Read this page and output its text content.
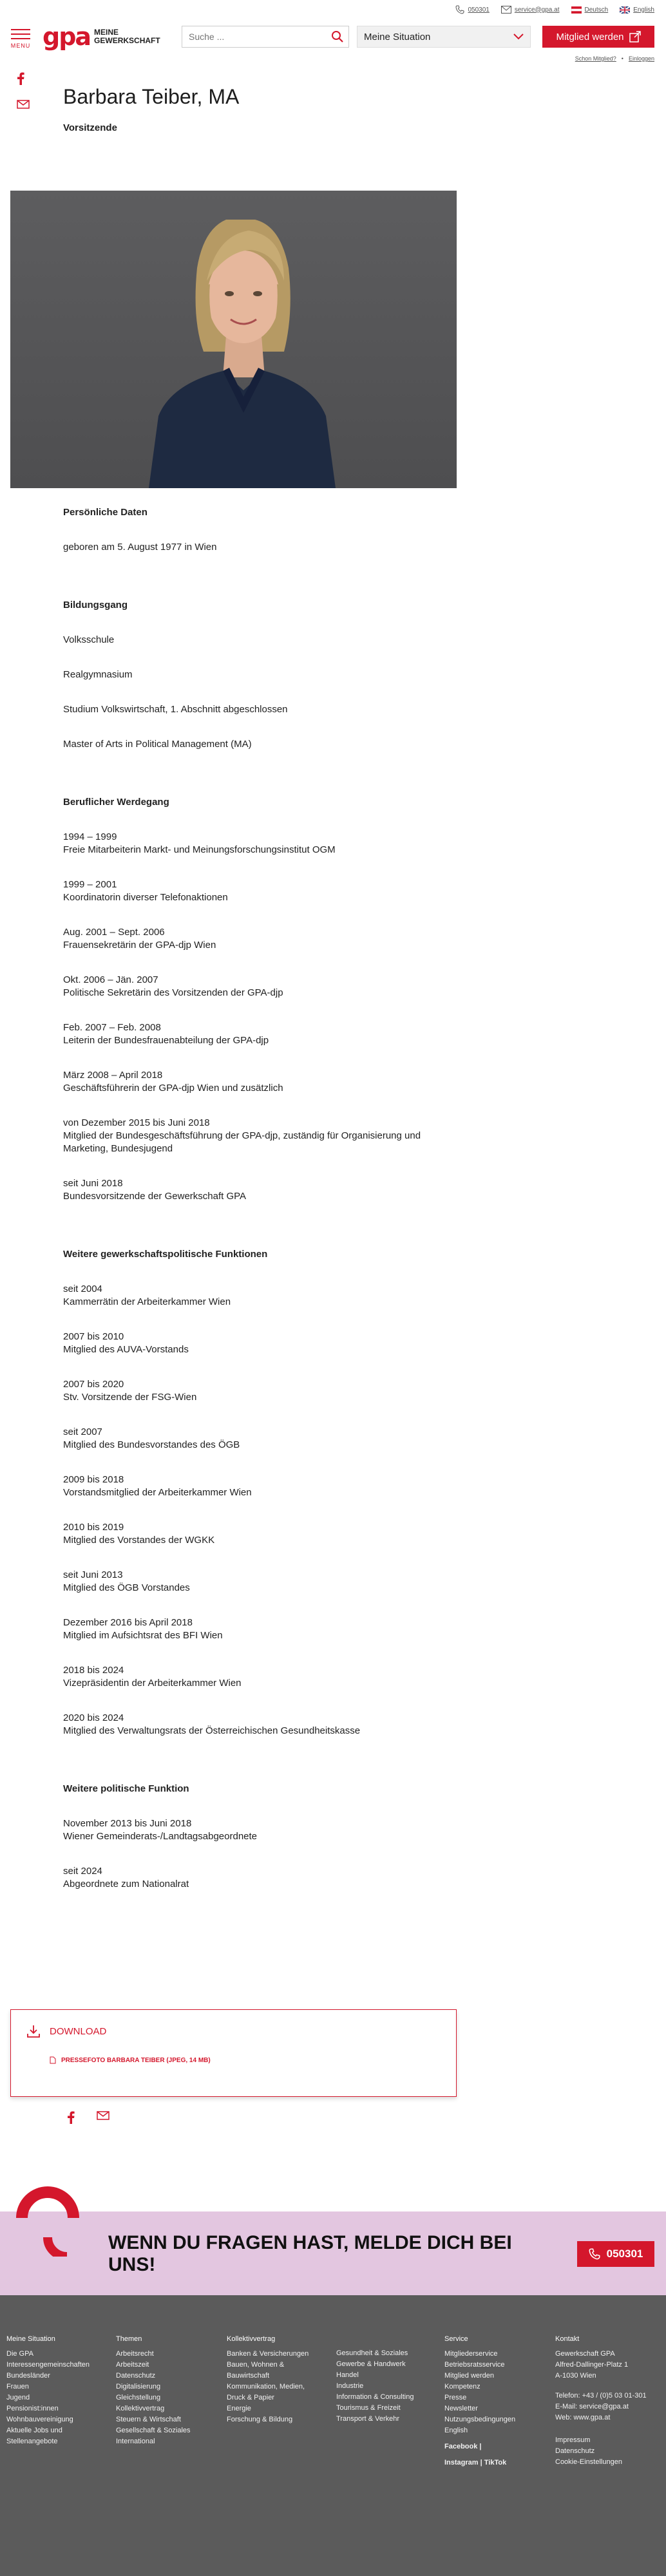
050301	service@gpa.at	Deutsch	English
MENU gpa MEINE
GEWERKSCHAFT
Suche ...	Meine Situation	Mitglied werden
Schon Mitglied? • Einloggen
Barbara Teiber, MA
Vorsitzende
Persönliche Daten
geboren am 5. August 1977 in Wien
Bildungsgang

Volksschule

Realgymnasium

Studium Volkswirtschaft, 1. Abschnitt abgeschlossen

Master of Arts in Political Management (MA)

Beruflicher Werdegang
1994 – 1999
Freie Mitarbeiterin Markt- und Meinungsforschungsinstitut OGM
1999 – 2001
Koordinatorin diverser Telefonaktionen
Aug. 2001 – Sept. 2006
Frauensekretärin der GPA-djp Wien
Okt. 2006 – Jän. 2007
Politische Sekretärin des Vorsitzenden der GPA-djp
Feb. 2007 – Feb. 2008
Leiterin der Bundesfrauenabteilung der GPA-djp
März 2008 – April 2018
Geschäftsführerin der GPA-djp Wien und zusätzlich
von Dezember 2015 bis Juni 2018
Mitglied der Bundesgeschäftsführung der GPA-djp, zuständig für Organisierung und Marketing, Bundesjugend
seit Juni 2018
Bundesvorsitzende der Gewerkschaft GPA
Weitere gewerkschaftspolitische Funktionen
seit 2004
Kammerrätin der Arbeiterkammer Wien
2007 bis 2010
Mitglied des AUVA-Vorstands
2007 bis 2020
Stv. Vorsitzende der FSG-Wien
seit 2007
Mitglied des Bundesvorstandes des ÖGB
2009 bis 2018
Vorstandsmitglied der Arbeiterkammer Wien
2010 bis 2019
Mitglied des Vorstandes der WGKK
seit Juni 2013
Mitglied des ÖGB Vorstandes
Dezember 2016 bis April 2018
Mitglied im Aufsichtsrat des BFI Wien
2018 bis 2024
Vizepräsidentin der Arbeiterkammer Wien
2020 bis 2024
Mitglied des Verwaltungsrats der Österreichischen Gesundheitskasse
Weitere politische Funktion
November 2013 bis Juni 2018
Wiener Gemeinderats-/Landtagsabgeordnete
seit 2024
Abgeordnete zum Nationalrat
DOWNLOAD
PRESSEFOTO BARBARA TEIBER (JPEG, 14 MB)
WENN DU FRAGEN HAST, MELDE DICH BEI UNS!
050301
Meine Situation
Die GPA
Interessengemeinschaften
Bundesländer
Frauen
Jugend
Pensionist:innen
Wohnbauvereinigung
Aktuelle Jobs und Stellenangebote
Themen
Arbeitsrecht
Arbeitszeit
Datenschutz
Digitalisierung
Gleichstellung
Kollektivvertrag
Steuern & Wirtschaft
Gesellschaft & Soziales
International
Kollektivvertrag
Banken & Versicherungen
Bauen, Wohnen & Bauwirtschaft
Kommunikation, Medien, Druck & Papier
Energie
Forschung & Bildung
Gesundheit & Soziales
Gewerbe & Handwerk
Handel
Industrie
Information & Consulting
Tourismus & Freizeit
Transport & Verkehr
Service
Mitgliederservice
Betriebsratsservice
Mitglied werden
Kompetenz
Presse
Newsletter
Nutzungsbedingungen
English
Facebook |
Instagram | TikTok
Kontakt
Gewerkschaft GPA
Alfred-Dallinger-Platz 1
A-1030 Wien
Telefon: +43 / (0)5 03 01-301
E-Mail: service@gpa.at
Web: www.gpa.at
Impressum
Datenschutz
Cookie-Einstellungen
